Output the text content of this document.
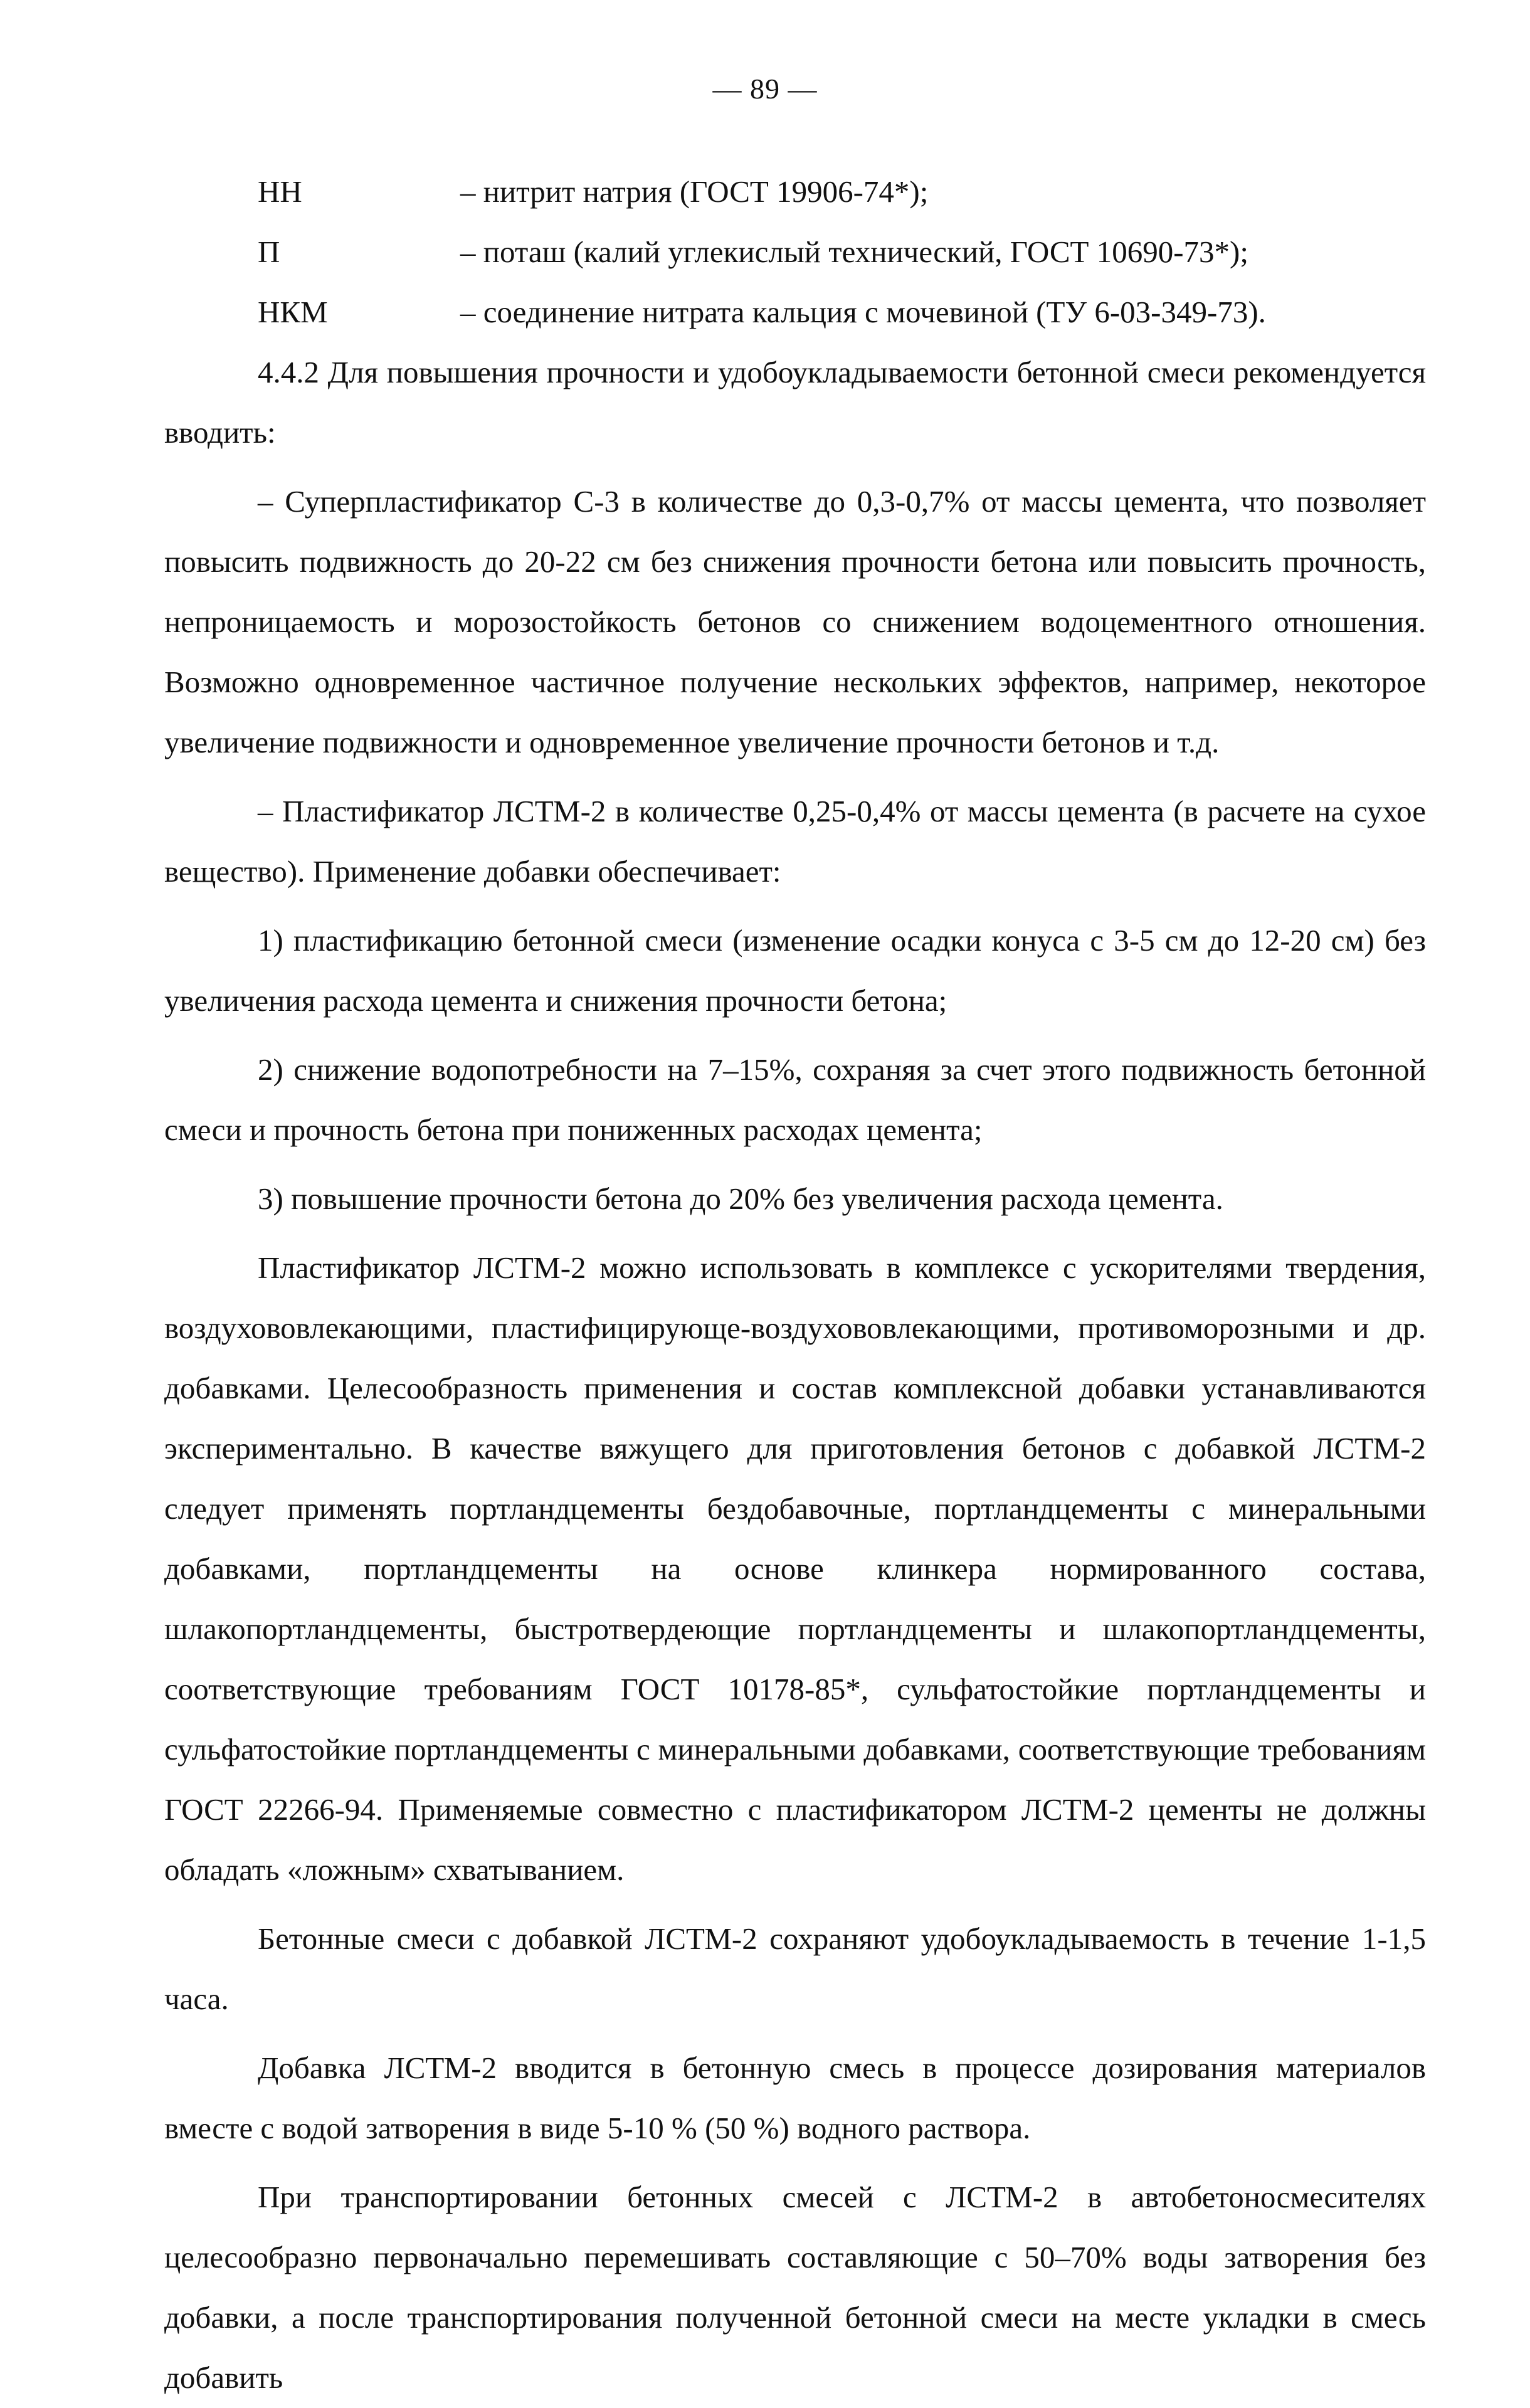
— 89 —
НН	– нитрит натрия (ГОСТ 19906-74*);
П	– поташ (калий углекислый технический, ГОСТ 10690-73*);
НКМ	– соединение нитрата кальция с мочевиной (ТУ 6-03-349-73).

4.4.2 Для повышения прочности и удобоукладываемости бетонной смеси рекомендуется вводить:

– Суперпластификатор С-3 в количестве до 0,3-0,7% от массы цемента, что позволяет повысить подвижность до 20-22 см без снижения прочности бетона или повысить прочность, непроницаемость и морозостойкость бетонов со снижением водоцементного отношения. Возможно одновременное частичное получение нескольких эффектов, например, некоторое увеличение подвижности и одновременное увеличение прочности бетонов и т.д.

– Пластификатор ЛСТМ-2 в количестве 0,25-0,4% от массы цемента (в расчете на сухое вещество). Применение добавки обеспечивает:

1) пластификацию бетонной смеси (изменение осадки конуса с 3-5 см до 12-20 см) без увеличения расхода цемента и снижения прочности бетона;

2) снижение водопотребности на 7–15%, сохраняя за счет этого подвижность бетонной смеси и прочность бетона при пониженных расходах цемента;

3) повышение прочности бетона до 20% без увеличения расхода цемента.

Пластификатор ЛСТМ-2 можно использовать в комплексе с ускорителями твердения, воздухововлекающими, пластифицирующе-воздухововлекающими, противоморозными и др. добавками. Целесообразность применения и состав комплексной добавки устанавливаются экспериментально. В качестве вяжущего для приготовления бетонов с добавкой ЛСТМ-2 следует применять портландцементы бездобавочные, портландцементы с минеральными добавками, портландцементы на основе клинкера нормированного состава, шлакопортландцементы, быстротвердеющие портландцементы и шлакопортландцементы, соответствующие требованиям ГОСТ 10178-85*, сульфатостойкие портландцементы и сульфатостойкие портландцементы с минеральными добавками, соответствующие требованиям ГОСТ 22266-94. Применяемые совместно с пластификатором ЛСТМ-2 цементы не должны обладать «ложным» схватыванием.

Бетонные смеси с добавкой ЛСТМ-2 сохраняют удобоукладываемость в течение 1-1,5 часа.

Добавка ЛСТМ-2 вводится в бетонную смесь в процессе дозирования материалов вместе с водой затворения в виде 5-10 % (50 %) водного раствора.

При транспортировании бетонных смесей с ЛСТМ-2 в автобетоносмесителях целесообразно первоначально перемешивать составляющие с 50–70% воды затворения без добавки, а после транспортирования полученной бетонной смеси на месте укладки в смесь добавить
